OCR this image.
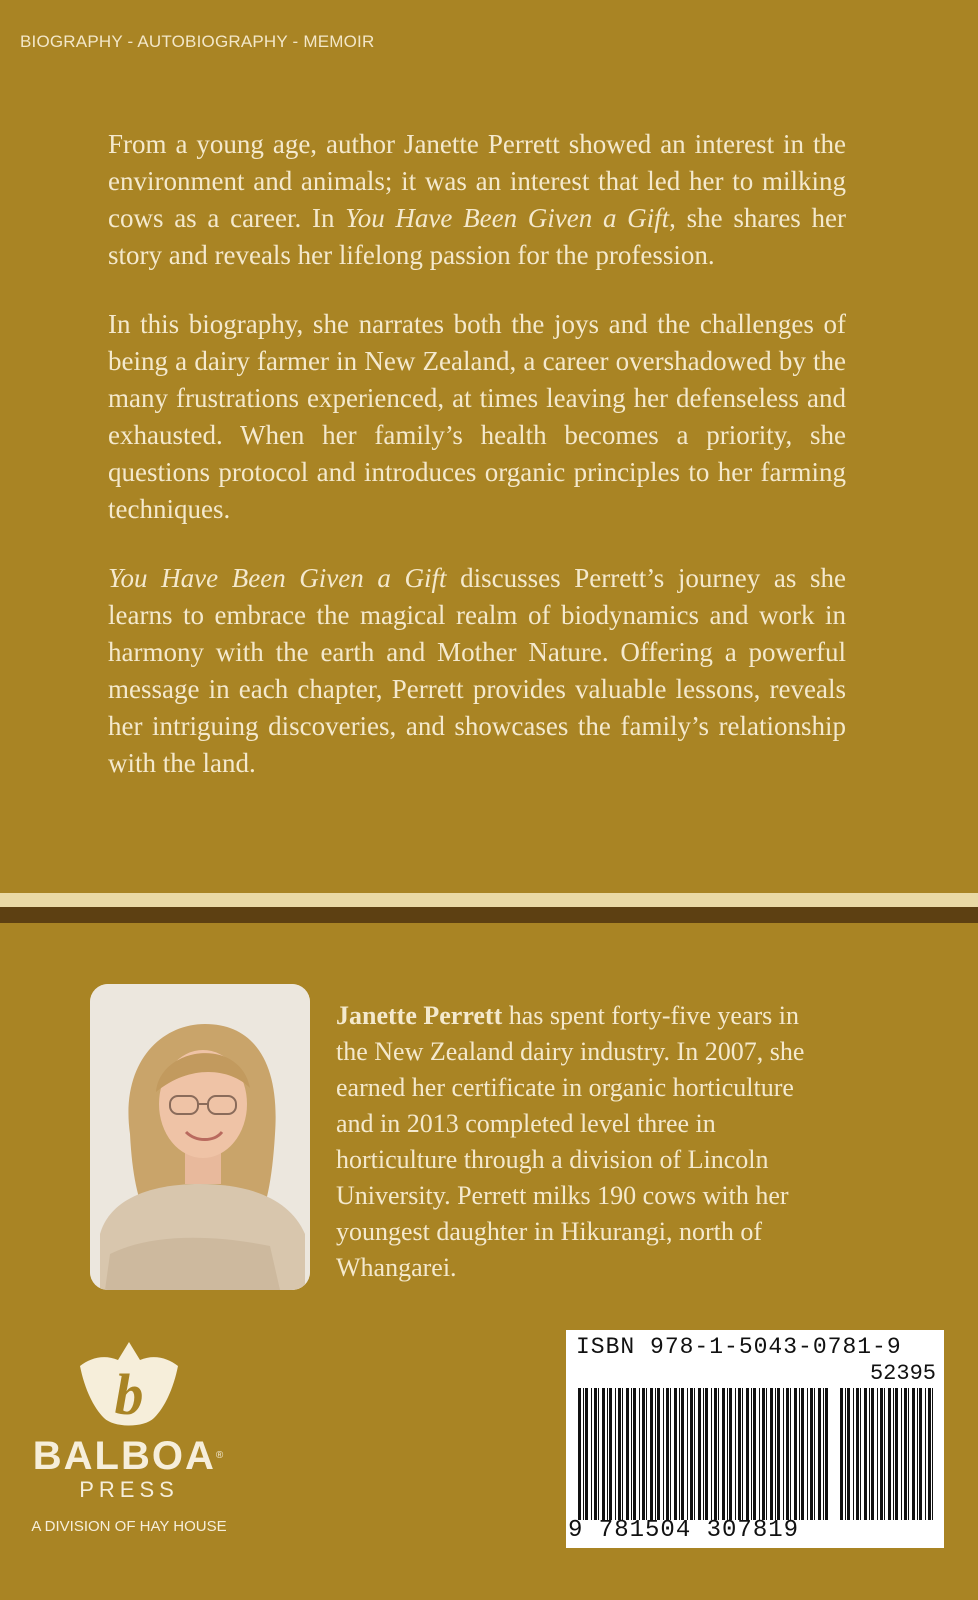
BIOGRAPHY - AUTOBIOGRAPHY - MEMOIR

From a young age, author Janette Perrett showed an interest in the environment and animals; it was an interest that led her to milking cows as a career. In You Have Been Given a Gift, she shares her story and reveals her lifelong passion for the profession.

In this biography, she narrates both the joys and the challenges of being a dairy farmer in New Zealand, a career overshadowed by the many frustrations experienced, at times leaving her defenseless and exhausted. When her family’s health becomes a priority, she questions protocol and introduces organic principles to her farming techniques.

You Have Been Given a Gift discusses Perrett’s journey as she learns to embrace the magical realm of biodynamics and work in harmony with the earth and Mother Nature. Offering a powerful message in each chapter, Perrett provides valuable lessons, reveals her intriguing discoveries, and showcases the family’s relationship with the land.

Janette Perrett has spent forty-five years in the New Zealand dairy industry. In 2007, she earned her certificate in organic horticulture and in 2013 completed level three in horticulture through a division of Lincoln University. Perrett milks 190 cows with her youngest daughter in Hikurangi, north of Whangarei.
b
BALBOA®
PRESS
A DIVISION OF HAY HOUSE
ISBN 978-1-5043-0781-9
52395
9 781504 307819
